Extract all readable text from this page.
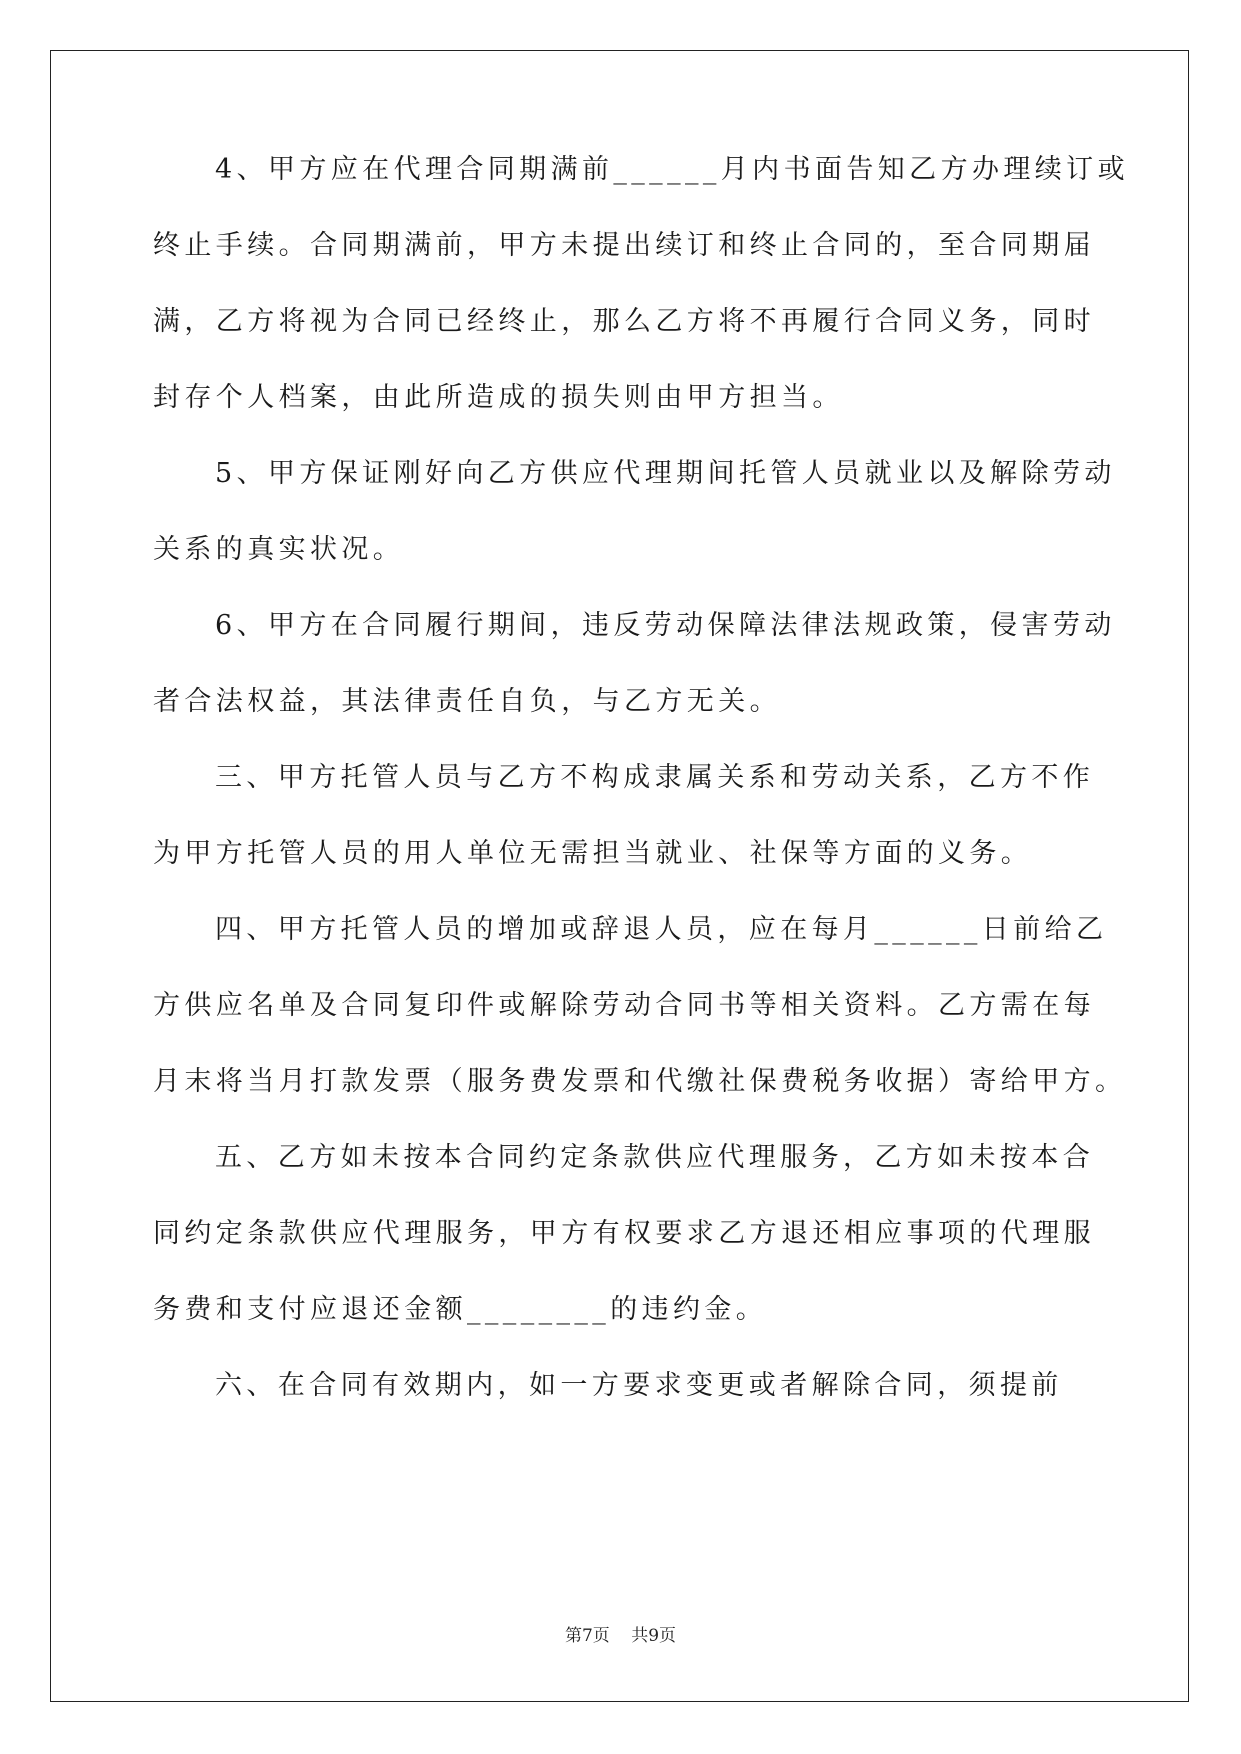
4、甲方应在代理合同期满前______月内书面告知乙方办理续订或
终止手续。合同期满前，甲方未提出续订和终止合同的，至合同期届
满，乙方将视为合同已经终止，那么乙方将不再履行合同义务，同时
封存个人档案，由此所造成的损失则由甲方担当。
5、甲方保证刚好向乙方供应代理期间托管人员就业以及解除劳动
关系的真实状况。
6、甲方在合同履行期间，违反劳动保障法律法规政策，侵害劳动
者合法权益，其法律责任自负，与乙方无关。
三、甲方托管人员与乙方不构成隶属关系和劳动关系，乙方不作
为甲方托管人员的用人单位无需担当就业、社保等方面的义务。
四、甲方托管人员的增加或辞退人员，应在每月______日前给乙
方供应名单及合同复印件或解除劳动合同书等相关资料。乙方需在每
月末将当月打款发票（服务费发票和代缴社保费税务收据）寄给甲方。
五、乙方如未按本合同约定条款供应代理服务，乙方如未按本合
同约定条款供应代理服务，甲方有权要求乙方退还相应事项的代理服
务费和支付应退还金额________的违约金。
六、在合同有效期内，如一方要求变更或者解除合同，须提前
第7页 共9页
